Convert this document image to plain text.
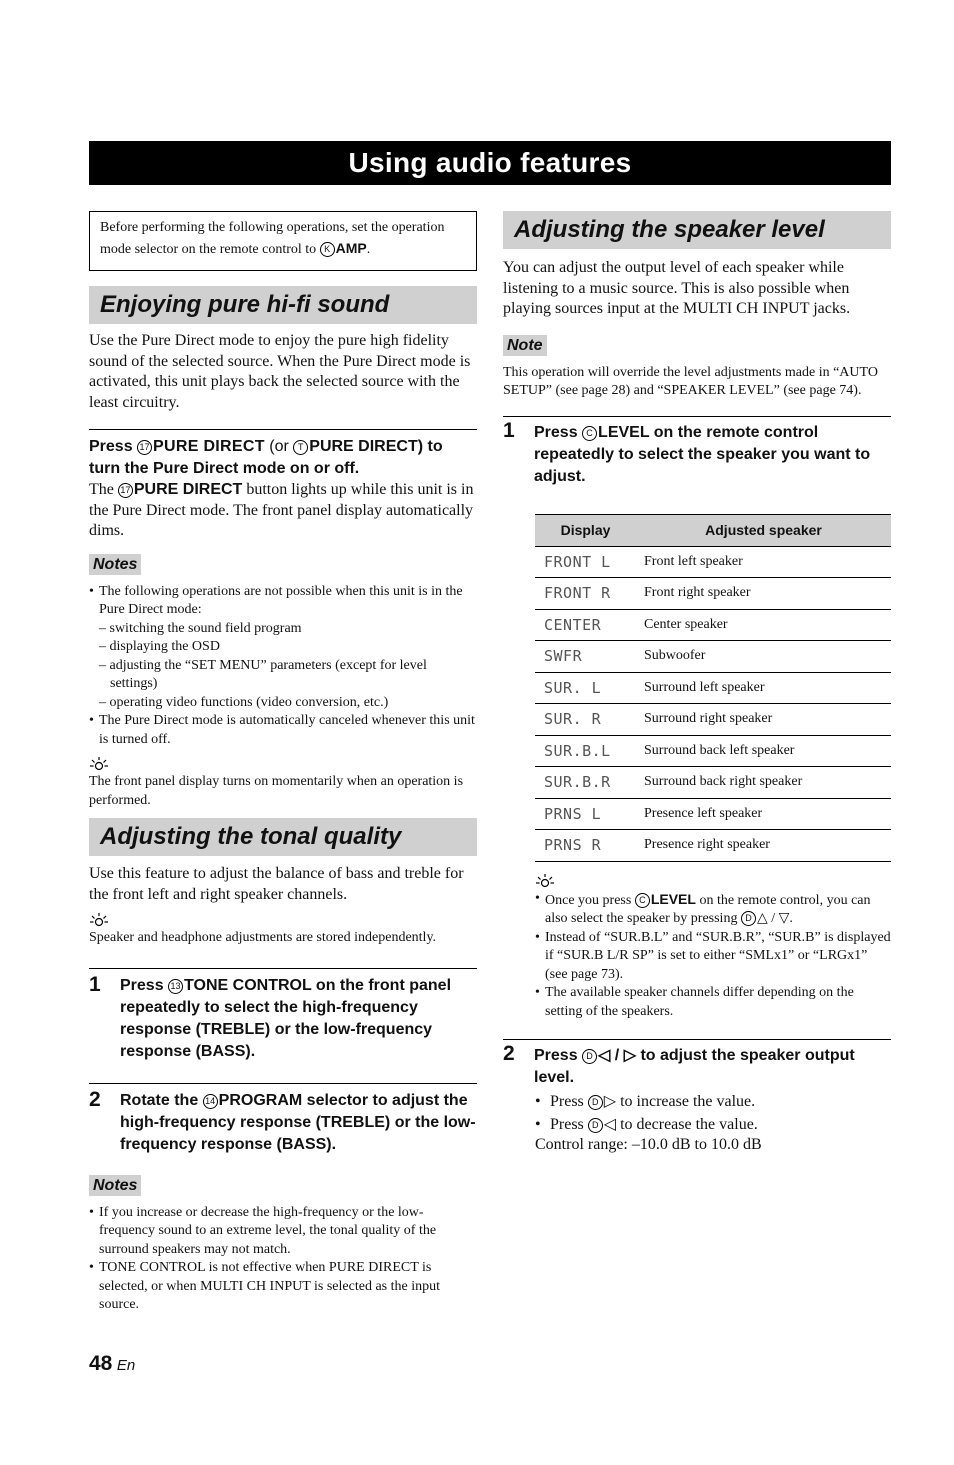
Using audio features
Before performing the following operations, set the operation mode selector on the remote control to K AMP.
Enjoying pure hi-fi sound
Use the Pure Direct mode to enjoy the pure high fidelity sound of the selected source. When the Pure Direct mode is activated, this unit plays back the selected source with the least circuitry.
Press 17 PURE DIRECT (or T PURE DIRECT) to turn the Pure Direct mode on or off.
The 17 PURE DIRECT button lights up while this unit is in the Pure Direct mode. The front panel display automatically dims.
Notes
• The following operations are not possible when this unit is in the Pure Direct mode:
– switching the sound field program
– displaying the OSD
– adjusting the “SET MENU” parameters (except for level settings)
– operating video functions (video conversion, etc.)
• The Pure Direct mode is automatically canceled whenever this unit is turned off.
The front panel display turns on momentarily when an operation is performed.
Adjusting the tonal quality
Use this feature to adjust the balance of bass and treble for the front left and right speaker channels.
Speaker and headphone adjustments are stored independently.
1 Press 13 TONE CONTROL on the front panel repeatedly to select the high-frequency response (TREBLE) or the low-frequency response (BASS).
2 Rotate the 14 PROGRAM selector to adjust the high-frequency response (TREBLE) or the low-frequency response (BASS).
Notes
• If you increase or decrease the high-frequency or the low-frequency sound to an extreme level, the tonal quality of the surround speakers may not match.
• TONE CONTROL is not effective when PURE DIRECT is selected, or when MULTI CH INPUT is selected as the input source.
Adjusting the speaker level
You can adjust the output level of each speaker while listening to a music source. This is also possible when playing sources input at the MULTI CH INPUT jacks.
Note
This operation will override the level adjustments made in “AUTO SETUP” (see page 28) and “SPEAKER LEVEL” (see page 74).
1 Press C LEVEL on the remote control repeatedly to select the speaker you want to adjust.
Display	Adjusted speaker
FRONT L	Front left speaker
FRONT R	Front right speaker
CENTER	Center speaker
SWFR	Subwoofer
SUR. L	Surround left speaker
SUR. R	Surround right speaker
SUR.B.L	Surround back left speaker
SUR.B.R	Surround back right speaker
PRNS L	Presence left speaker
PRNS R	Presence right speaker
• Once you press C LEVEL on the remote control, you can also select the speaker by pressing D △ / ▽.
• Instead of “SUR.B.L” and “SUR.B.R”, “SUR.B” is displayed if “SUR.B L/R SP” is set to either “SMLx1” or “LRGx1” (see page 73).
• The available speaker channels differ depending on the setting of the speakers.
2 Press D ◁ / ▷ to adjust the speaker output level.
• Press D ▷ to increase the value.
• Press D ◁ to decrease the value.
Control range: –10.0 dB to 10.0 dB
48 En
